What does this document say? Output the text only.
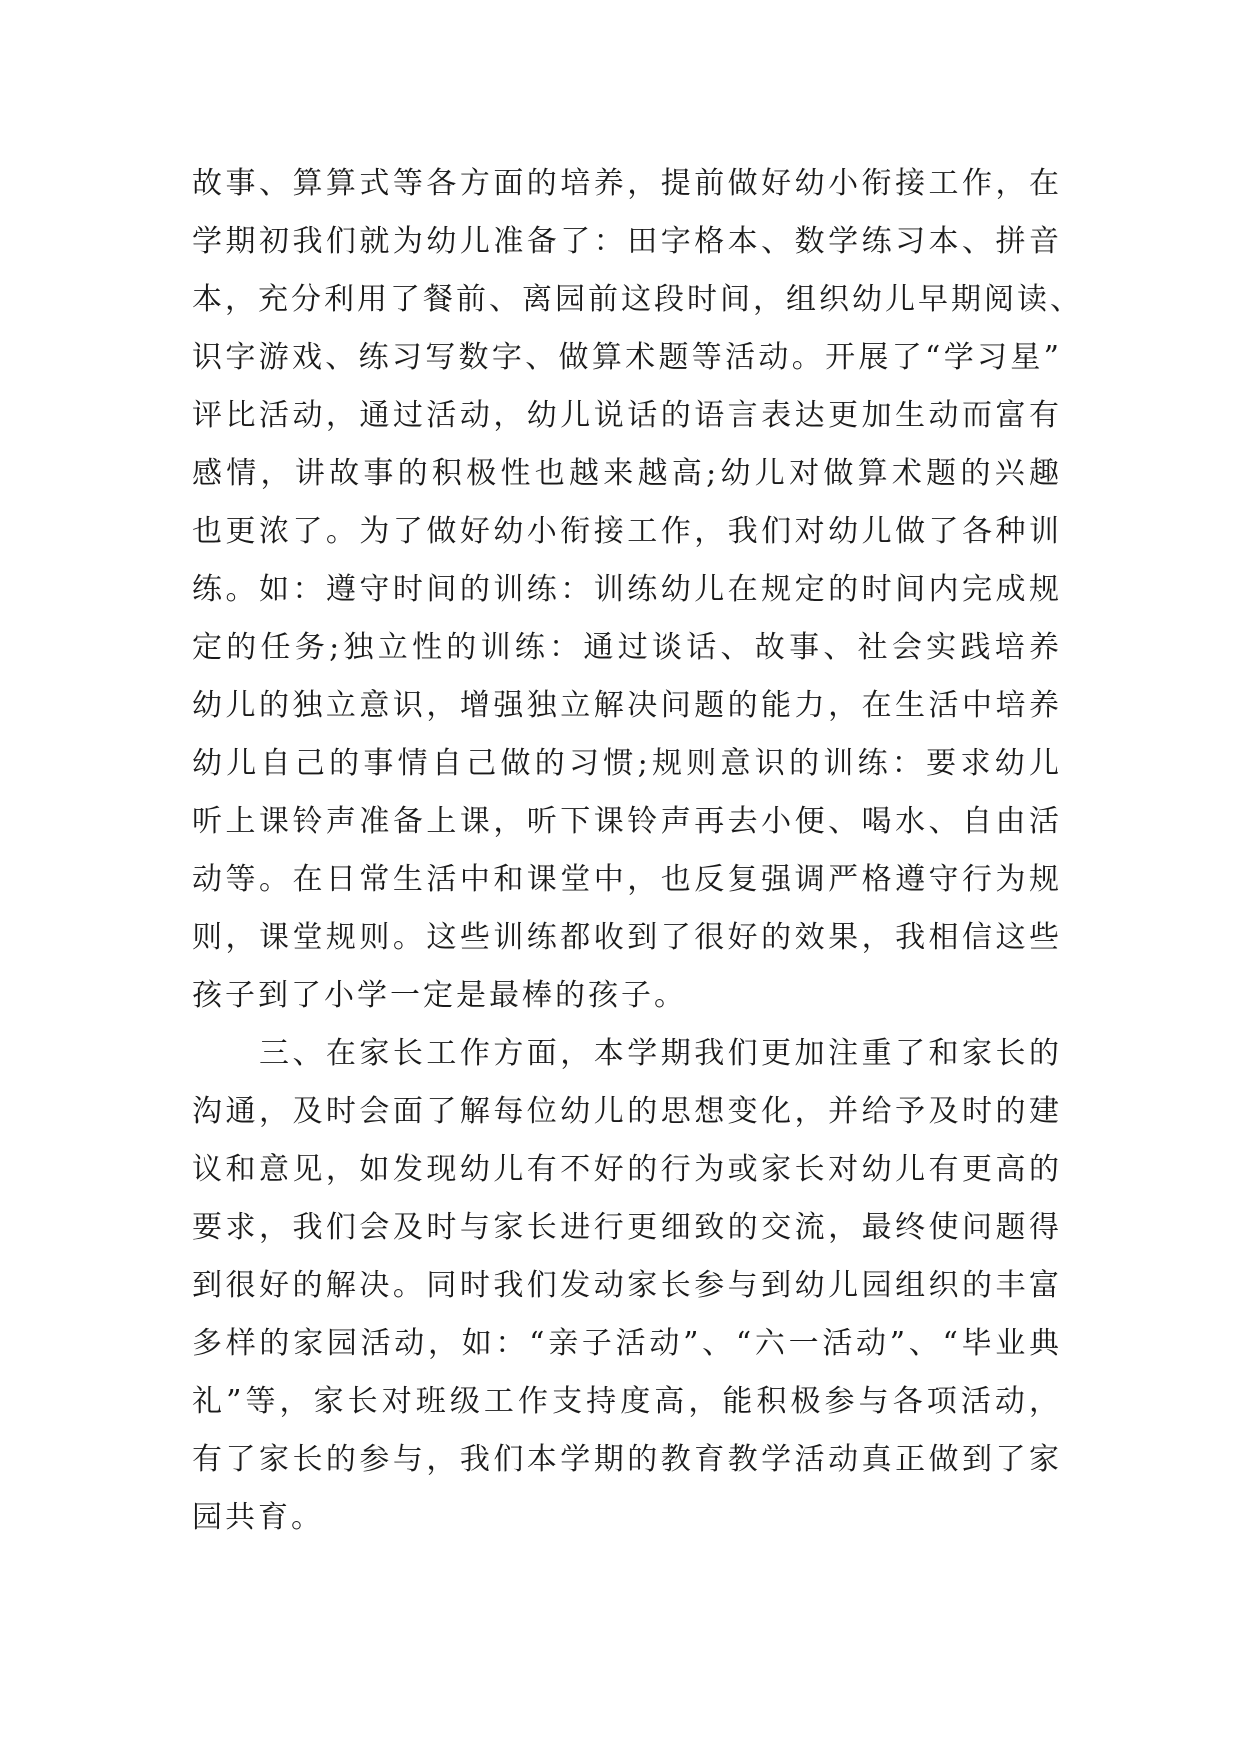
故事、算算式等各方面的培养，提前做好幼小衔接工作，在
学期初我们就为幼儿准备了：田字格本、数学练习本、拼音
本，充分利用了餐前、离园前这段时间，组织幼儿早期阅读、
识字游戏、练习写数字、做算术题等活动。开展了“学习星”
评比活动，通过活动，幼儿说话的语言表达更加生动而富有
感情，讲故事的积极性也越来越高;幼儿对做算术题的兴趣
也更浓了。为了做好幼小衔接工作，我们对幼儿做了各种训
练。如：遵守时间的训练：训练幼儿在规定的时间内完成规
定的任务;独立性的训练：通过谈话、故事、社会实践培养
幼儿的独立意识，增强独立解决问题的能力，在生活中培养
幼儿自己的事情自己做的习惯;规则意识的训练：要求幼儿
听上课铃声准备上课，听下课铃声再去小便、喝水、自由活
动等。在日常生活中和课堂中，也反复强调严格遵守行为规
则，课堂规则。这些训练都收到了很好的效果，我相信这些
孩子到了小学一定是最棒的孩子。
　　三、在家长工作方面，本学期我们更加注重了和家长的
沟通，及时会面了解每位幼儿的思想变化，并给予及时的建
议和意见，如发现幼儿有不好的行为或家长对幼儿有更高的
要求，我们会及时与家长进行更细致的交流，最终使问题得
到很好的解决。同时我们发动家长参与到幼儿园组织的丰富
多样的家园活动，如：“亲子活动”、“六一活动”、“毕业典
礼”等，家长对班级工作支持度高，能积极参与各项活动，
有了家长的参与，我们本学期的教育教学活动真正做到了家
园共育。
